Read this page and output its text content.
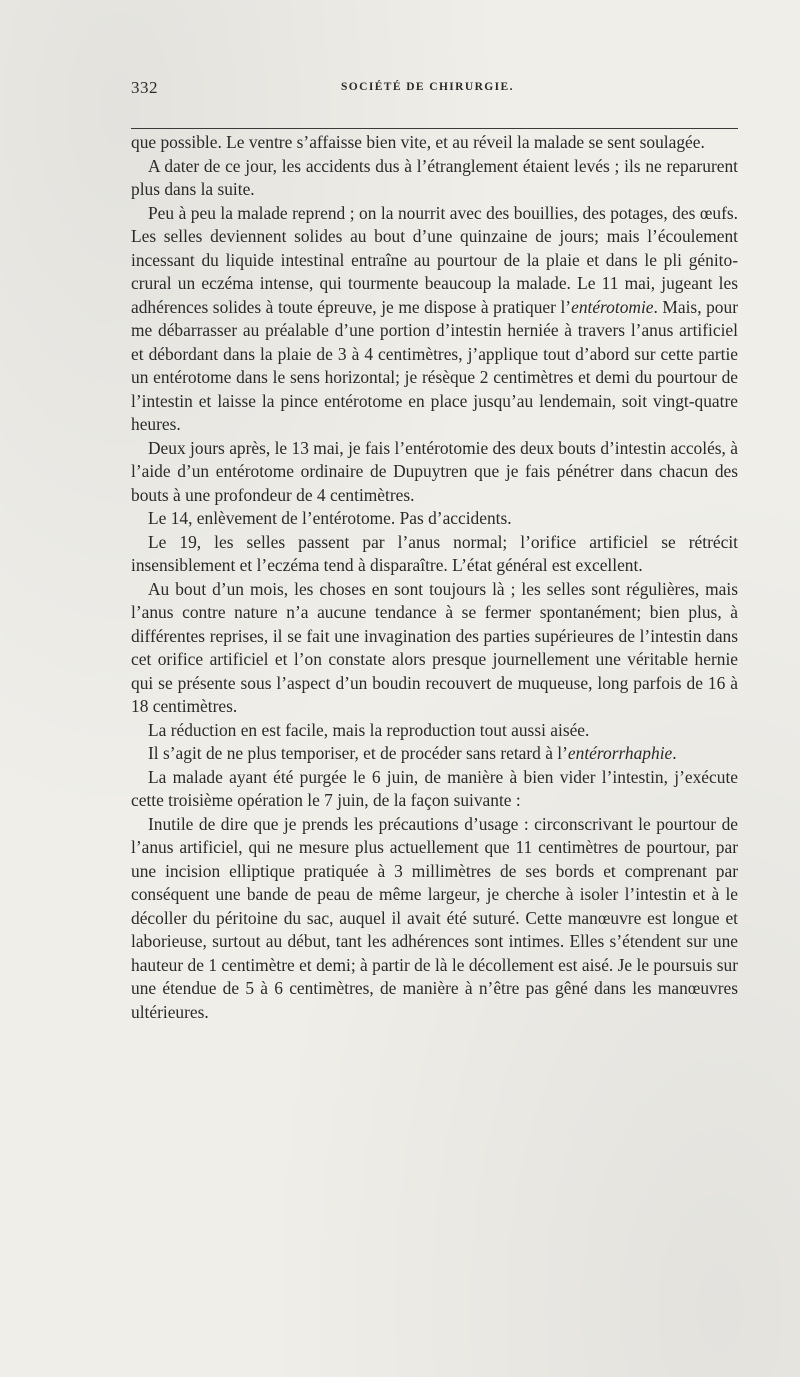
332	SOCIÉTÉ DE CHIRURGIE.

que possible. Le ventre s’affaisse bien vite, et au réveil la malade se sent soulagée.

A dater de ce jour, les accidents dus à l’étranglement étaient levés ; ils ne reparurent plus dans la suite.

Peu à peu la malade reprend ; on la nourrit avec des bouillies, des potages, des œufs. Les selles deviennent solides au bout d’une quinzaine de jours; mais l’écoulement incessant du liquide intestinal entraîne au pourtour de la plaie et dans le pli génito-crural un eczéma intense, qui tourmente beaucoup la malade. Le 11 mai, jugeant les adhérences solides à toute épreuve, je me dispose à pratiquer l’entérotomie. Mais, pour me débarrasser au préalable d’une portion d’intestin herniée à travers l’anus artificiel et débordant dans la plaie de 3 à 4 centimètres, j’applique tout d’abord sur cette partie un entérotome dans le sens horizontal; je résèque 2 centimètres et demi du pourtour de l’intestin et laisse la pince entérotome en place jusqu’au lendemain, soit vingt-quatre heures.

Deux jours après, le 13 mai, je fais l’entérotomie des deux bouts d’intestin accolés, à l’aide d’un entérotome ordinaire de Dupuytren que je fais pénétrer dans chacun des bouts à une profondeur de 4 centimètres.

Le 14, enlèvement de l’entérotome. Pas d’accidents.

Le 19, les selles passent par l’anus normal; l’orifice artificiel se rétrécit insensiblement et l’eczéma tend à disparaître. L’état général est excellent.

Au bout d’un mois, les choses en sont toujours là ; les selles sont régulières, mais l’anus contre nature n’a aucune tendance à se fermer spontanément; bien plus, à différentes reprises, il se fait une invagination des parties supérieures de l’intestin dans cet orifice artificiel et l’on constate alors presque journellement une véritable hernie qui se présente sous l’aspect d’un boudin recouvert de muqueuse, long parfois de 16 à 18 centimètres.

La réduction en est facile, mais la reproduction tout aussi aisée.

Il s’agit de ne plus temporiser, et de procéder sans retard à l’entérorrhaphie.

La malade ayant été purgée le 6 juin, de manière à bien vider l’intestin, j’exécute cette troisième opération le 7 juin, de la façon suivante :

Inutile de dire que je prends les précautions d’usage : circonscrivant le pourtour de l’anus artificiel, qui ne mesure plus actuellement que 11 centimètres de pourtour, par une incision elliptique pratiquée à 3 millimètres de ses bords et comprenant par conséquent une bande de peau de même largeur, je cherche à isoler l’intestin et à le décoller du péritoine du sac, auquel il avait été suturé. Cette manœuvre est longue et laborieuse, surtout au début, tant les adhérences sont intimes. Elles s’étendent sur une hauteur de 1 centimètre et demi; à partir de là le décollement est aisé. Je le poursuis sur une étendue de 5 à 6 centimètres, de manière à n’être pas gêné dans les manœuvres ultérieures.
